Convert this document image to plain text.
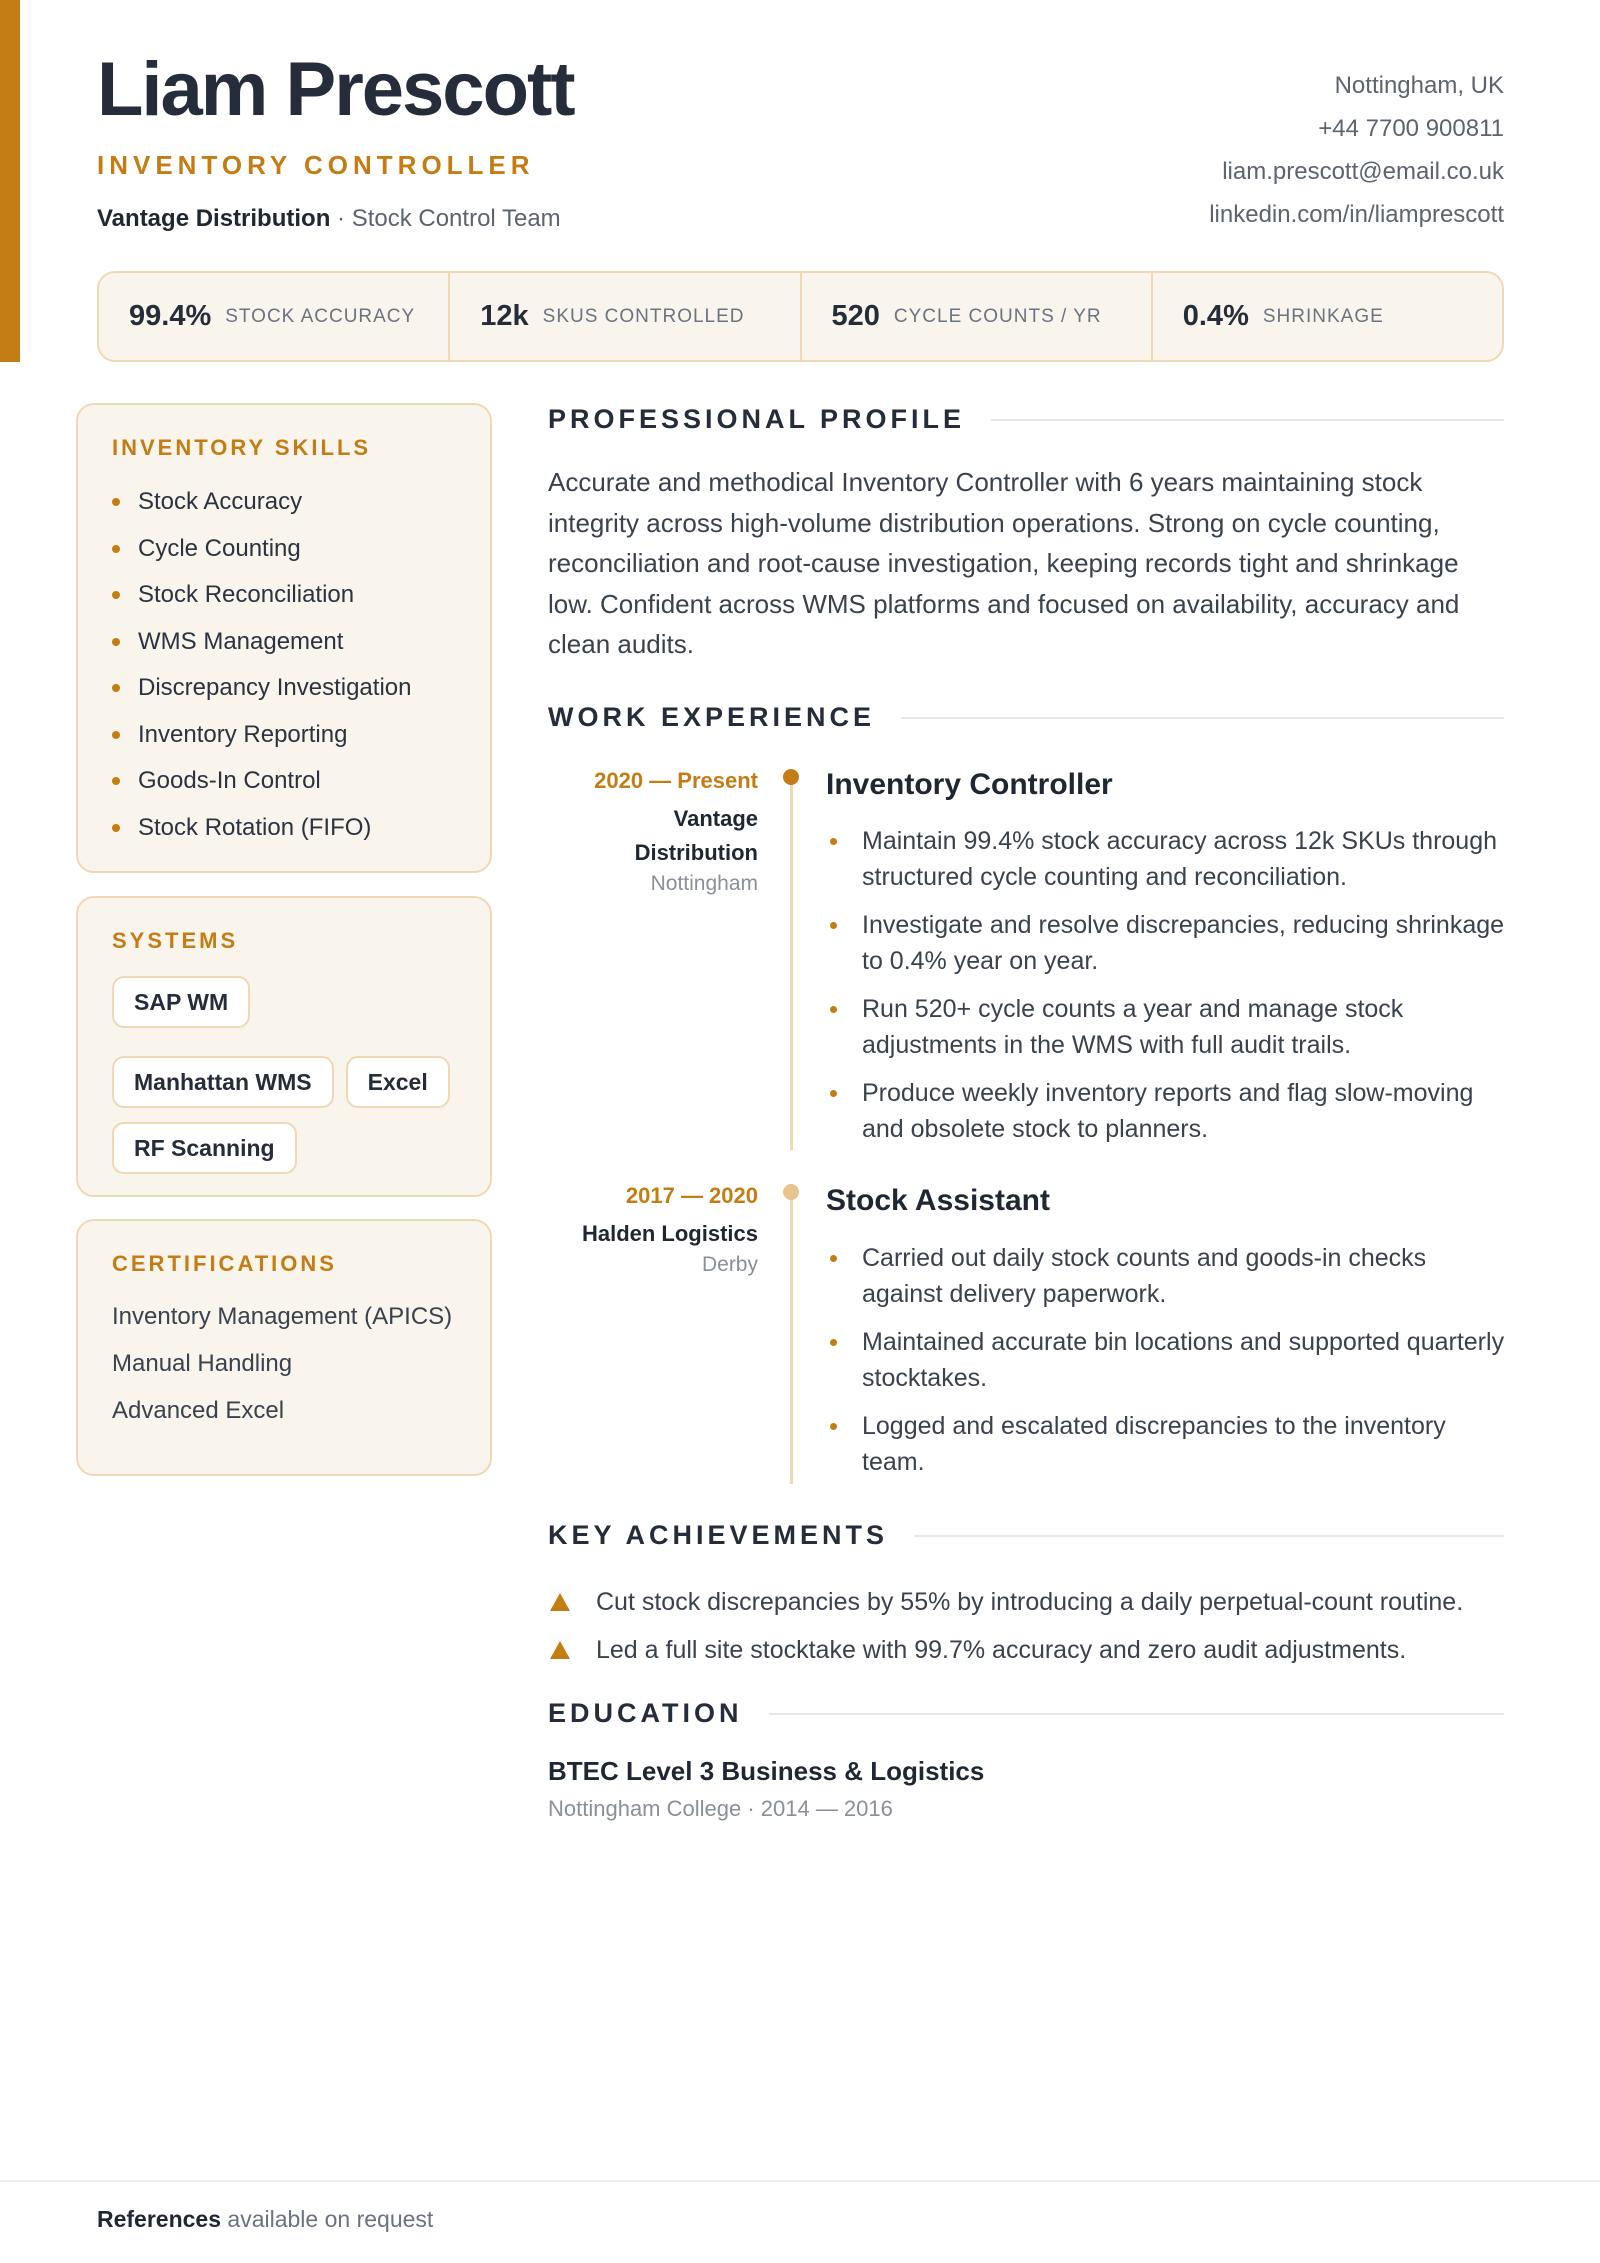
Liam Prescott
INVENTORY CONTROLLER
Vantage Distribution · Stock Control Team
Nottingham, UK
+44 7700 900811
liam.prescott@email.co.uk
linkedin.com/in/liamprescott
99.4% STOCK ACCURACY 12k SKUS CONTROLLED	520 CYCLE COUNTS / YR	0.4% SHRINKAGE
INVENTORY SKILLS
Stock Accuracy
Cycle Counting
Stock Reconciliation
WMS Management
Discrepancy Investigation
Inventory Reporting
Goods-In Control
Stock Rotation (FIFO)
SYSTEMS
SAP WM
Manhattan WMS	Excel
RF Scanning
CERTIFICATIONS
Inventory Management (APICS)
Manual Handling
Advanced Excel
PROFESSIONAL PROFILE

Accurate and methodical Inventory Controller with 6 years maintaining stock integrity across high-volume distribution operations. Strong on cycle counting, reconciliation and root-cause investigation, keeping records tight and shrinkage low. Confident across WMS platforms and focused on availability, accuracy and clean audits.

WORK EXPERIENCE
2020 — Present
Vantage
Distribution
Nottingham
Inventory Controller
Maintain 99.4% stock accuracy across 12k SKUs through structured cycle counting and reconciliation.
Investigate and resolve discrepancies, reducing shrinkage to 0.4% year on year.
Run 520+ cycle counts a year and manage stock adjustments in the WMS with full audit trails.
Produce weekly inventory reports and flag slow-moving and obsolete stock to planners.
2017 — 2020
Halden Logistics
Derby
Stock Assistant
Carried out daily stock counts and goods-in checks against delivery paperwork.
Maintained accurate bin locations and supported quarterly stocktakes.
Logged and escalated discrepancies to the inventory team.
KEY ACHIEVEMENTS
Cut stock discrepancies by 55% by introducing a daily perpetual-count routine.
Led a full site stocktake with 99.7% accuracy and zero audit adjustments.
EDUCATION
BTEC Level 3 Business & Logistics
Nottingham College · 2014 — 2016
References available on request
